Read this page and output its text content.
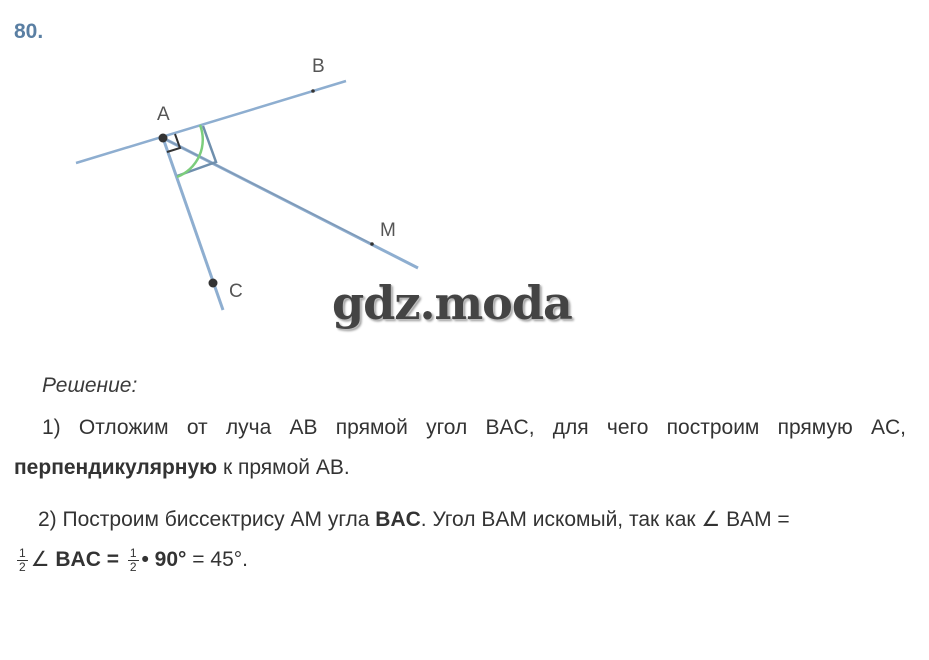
80.
A
B
M
C gdz.moda
Решение:
1) Отложим от луча AB прямой угол BAC, для чего построим прямую AC,
перпендикулярную к прямой AB.
2) Построим биссектрису AM угла BAC. Угол BAM искомый, так как ∠ BAM =
$\frac{1}{2}$ ∠ BAC = $\frac{1}{2}$ • 90° = 45°.
